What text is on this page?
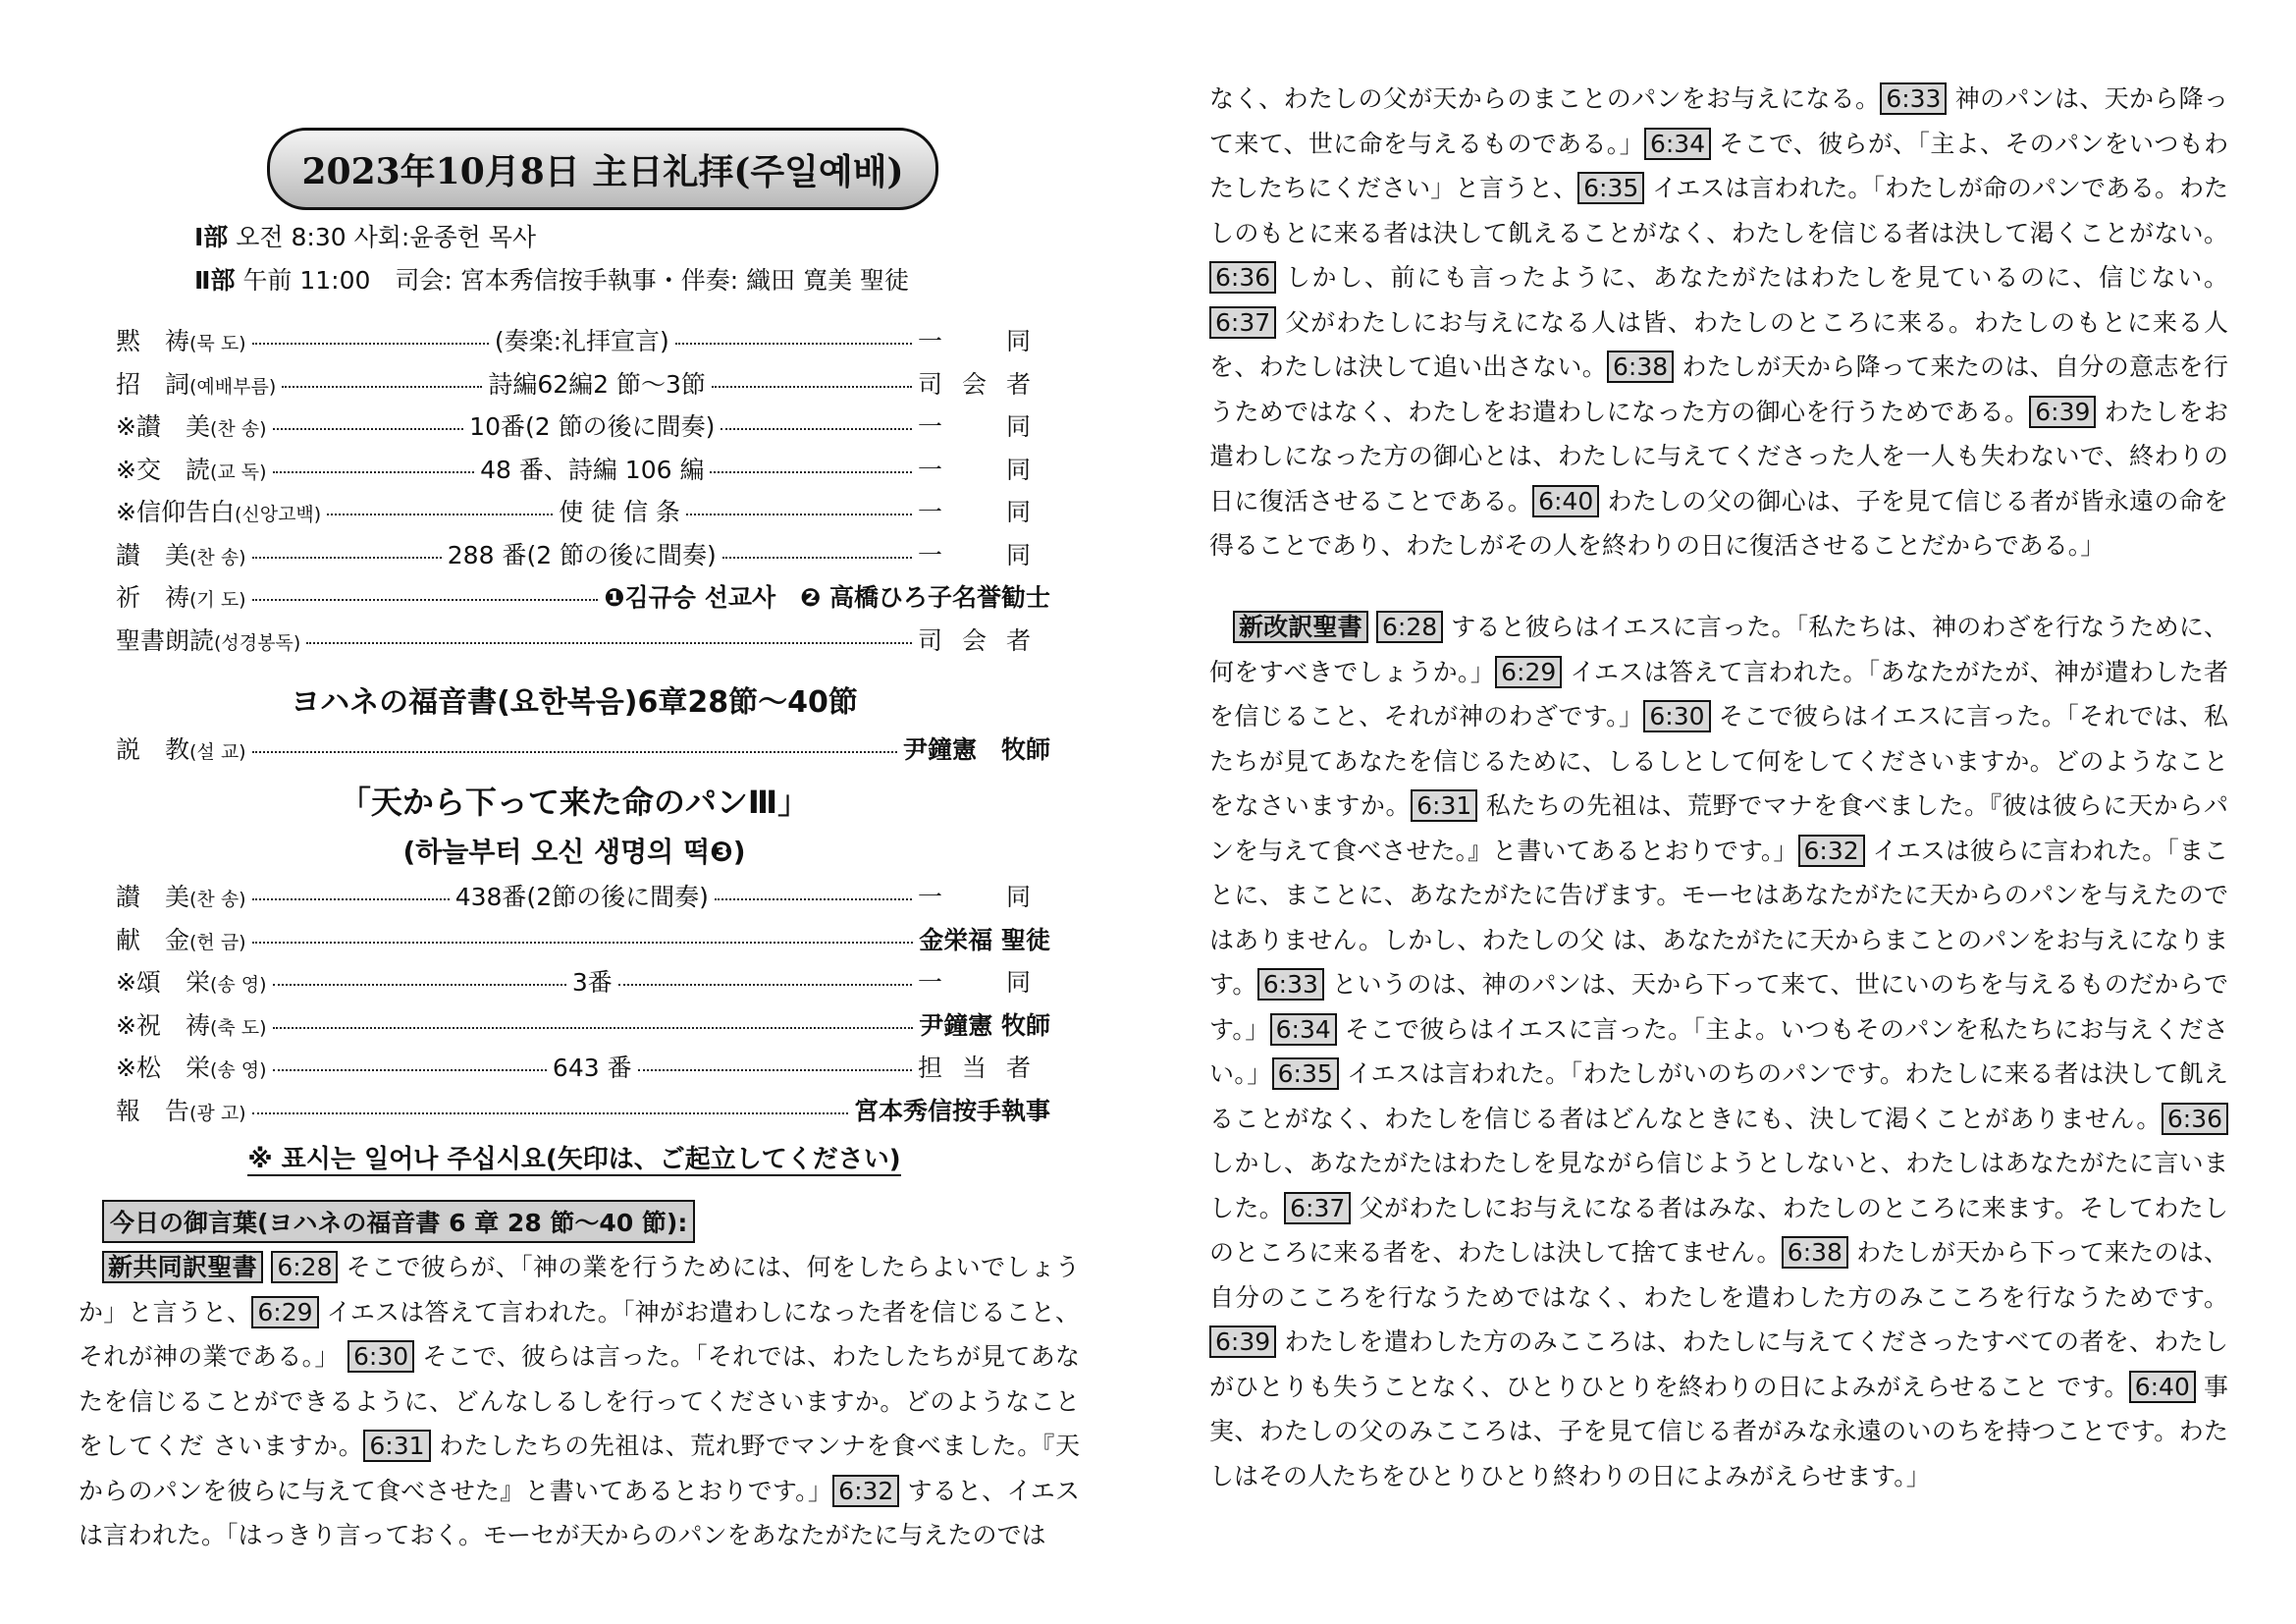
2023年10月8日 主日礼拝(주일예배)
Ⅰ部 오전 8:30 사회:윤종헌 목사
Ⅱ部 午前 11:00　司会: 宮本秀信按手執事・伴奏: 織田 寛美 聖徒
黙　祷(묵 도)	(奏楽:礼拝宣言)	一　同
招　詞(예배부름)	詩編62編2 節～3節	司会者
※讃　美(찬 송)	10番(2 節の後に間奏)	一　同
※交　読(교 독)	48 番、詩編 106 編	一　同
※信仰告白(신앙고백)	使 徒 信 条	一　同
讃　美(찬 송)	288 番(2 節の後に間奏)	一　同
祈　祷(기 도)	❶김규승 선교사　❷ 高橋ひろ子名誉勧士
聖書朗読(성경봉독)	司会者
ヨハネの福音書(요한복음)6章28節～40節
説　教(설 교)	尹鐘憲　牧師
「天から下って来た命のパンⅢ」
(하늘부터 오신 생명의 떡❸)
讃　美(찬 송)	438番(2節の後に間奏)	一　同
献　金(헌 금)	金栄福 聖徒
※頌　栄(송 영)	3番	一　同
※祝　祷(축 도)	尹鐘憲 牧師
※松　栄(송 영)	643 番	担当者
報　告(광 고)	宮本秀信按手執事
※ 표시는 일어나 주십시요(矢印は、ご起立してください)
今日の御言葉(ヨハネの福音書 6 章 28 節～40 節):
新共同訳聖書 6:28 そこで彼らが、「神の業を行うためには、何をしたらよいでしょうか」と言うと、 6:29 イエスは答えて言われた。「神がお遣わしになった者を信じること、それが神の業である。」 6:30 そこで、彼らは言った。「それでは、わたしたちが見てあなたを信じることができるように、どんなしるしを行ってくださいますか。どのようなことをしてくだ さいますか。 6:31 わたしたちの先祖は、荒れ野でマンナを食べました。『天からのパンを彼らに与えて食べさせた』と書いてあるとおりです。」 6:32 すると、イエスは言われた。「はっきり言っておく。モーセが天からのパンをあなたがたに与えたのでは
なく、わたしの父が天からのまことのパンをお与えになる。 6:33 神のパンは、天から降って来て、世に命を与えるものである。」 6:34 そこで、彼らが、「主よ、そのパンをいつもわたしたちにください」と言うと、 6:35 イエスは言われた。「わたしが命のパンである。わたしのもとに来る者は決して飢えることがなく、わたしを信じる者は決して渇くことがない。6:36 しかし、前にも言ったように、あなたがたはわたしを見ているのに、信じない。6:37 父がわたしにお与えになる人は皆、わたしのところに来る。わたしのもとに来る人を、わたしは決して追い出さない。 6:38 わたしが天から降って来たのは、自分の意志を行うためではなく、わたしをお遣わしになった方の御心を行うためである。 6:39 わたしをお遣わしになった方の御心とは、わたしに与えてくださった人を一人も失わないで、終わりの日に復活させることである。 6:40 わたしの父の御心は、子を見て信じる者が皆永遠の命を得ることであり、わたしがその人を終わりの日に復活させることだからである。」
新改訳聖書 6:28 すると彼らはイエスに言った。「私たちは、神のわざを行なうために、何をすべきでしょうか。」 6:29 イエスは答えて言われた。「あなたがたが、神が遣わした者を信じること、それが神のわざです。」 6:30 そこで彼らはイエスに言った。「それでは、私たちが見てあなたを信じるために、しるしとして何をしてくださいますか。どのようなことをなさいますか。 6:31 私たちの先祖は、荒野でマナを食べました。『彼は彼らに天からパンを与えて食べさせた。』と書いてあるとおりです。」 6:32 イエスは彼らに言われた。「まことに、まことに、あなたがたに告げます。モーセはあなたがたに天からのパンを与えたのではありません。しかし、わたしの父 は、あなたがたに天からまことのパンをお与えになります。 6:33 というのは、神のパンは、天から下って来て、世にいのちを与えるものだからです。」 6:34 そこで彼らはイエスに言った。「主よ。いつもそのパンを私たちにお与えください。」 6:35 イエスは言われた。「わたしがいのちのパンです。わたしに来る者は決して飢えることがなく、わたしを信じる者はどんなときにも、決して渇くことがありません。 6:36 しかし、あなたがたはわたしを見ながら信じようとしないと、わたしはあなたがたに言いました。 6:37 父がわたしにお与えになる者はみな、わたしのところに来ます。そしてわたしのところに来る者を、わたしは決して捨てません。 6:38 わたしが天から下って来たのは、自分のこころを行なうためではなく、わたしを遣わした方のみこころを行なうためです。6:39 わたしを遣わした方のみこころは、わたしに与えてくださったすべての者を、わたしがひとりも失うことなく、ひとりひとりを終わりの日によみがえらせること です。 6:40 事実、わたしの父のみこころは、子を見て信じる者がみな永遠のいのちを持つことです。わたしはその人たちをひとりひとり終わりの日によみがえらせます。」
